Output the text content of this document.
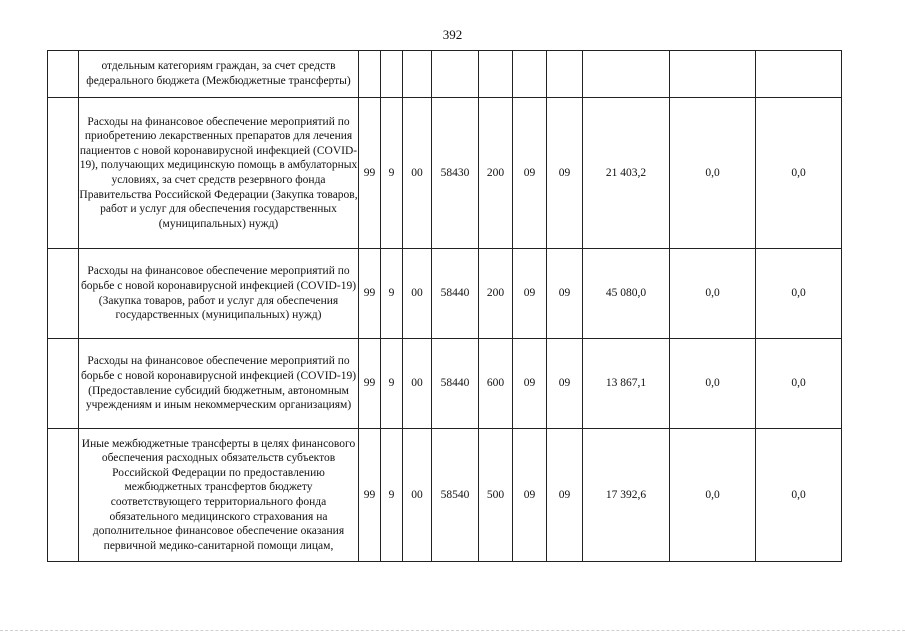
392
	отдельным категориям граждан, за счет средств федерального бюджета (Межбюджетные трансферты)										
	Расходы на финансовое обеспечение мероприятий по приобретению лекарственных препаратов для лечения пациентов с новой коронавирусной инфекцией (COVID-19), получающих медицинскую помощь в амбулаторных условиях, за счет средств резервного фонда Правительства Российской Федерации (Закупка товаров, работ и услуг для обеспечения государственных (муниципальных) нужд)	99	9	00	58430	200	09	09	21 403,2	0,0	0,0
	Расходы на финансовое обеспечение мероприятий по борьбе с новой коронавирусной инфекцией (COVID-19) (Закупка товаров, работ и услуг для обеспечения государственных (муниципальных) нужд)	99	9	00	58440	200	09	09	45 080,0	0,0	0,0
	Расходы на финансовое обеспечение мероприятий по борьбе с новой коронавирусной инфекцией (COVID-19) (Предоставление субсидий бюджетным, автономным учреждениям и иным некоммерческим организациям)	99	9	00	58440	600	09	09	13 867,1	0,0	0,0
	Иные межбюджетные трансферты в целях финансового обеспечения расходных обязательств субъектов Российской Федерации по предоставлению межбюджетных трансфертов бюджету соответствующего территориального фонда обязательного медицинского страхования на дополнительное финансовое обеспечение оказания первичной медико-санитарной помощи лицам,	99	9	00	58540	500	09	09	17 392,6	0,0	0,0
